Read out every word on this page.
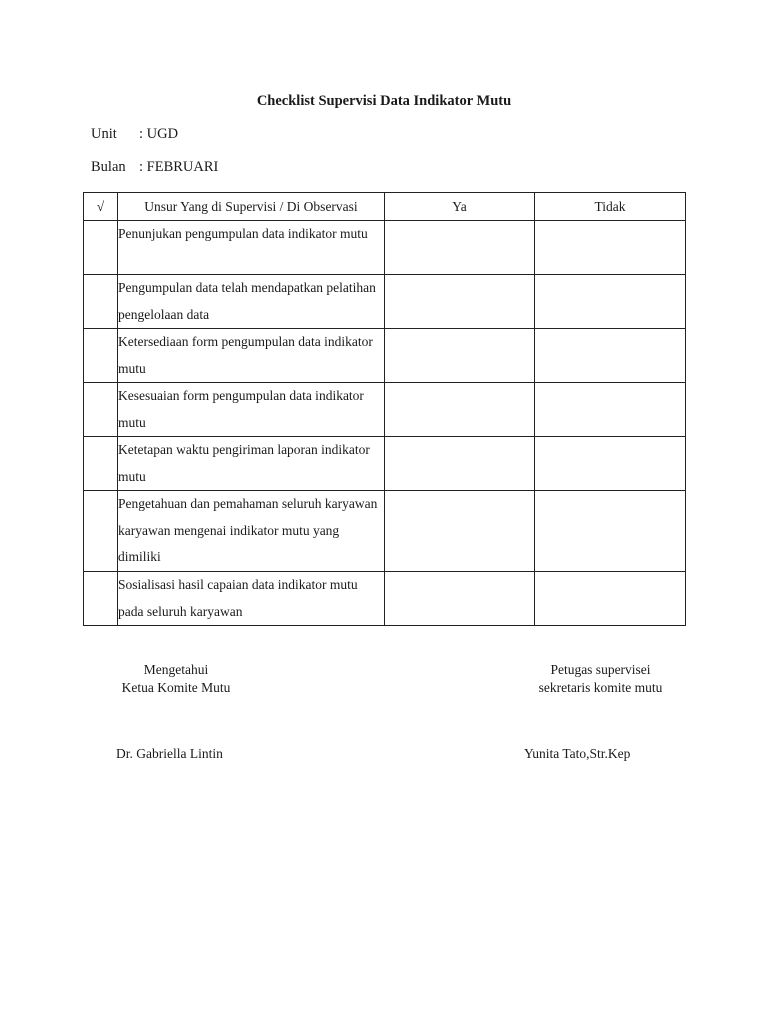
Checklist Supervisi Data Indikator Mutu
Unit : UGD
Bulan : FEBRUARI
√	Unsur Yang di Supervisi / Di Observasi	Ya	Tidak
	Penunjukan pengumpulan data indikator mutu		
	Pengumpulan data telah mendapatkan pelatihan pengelolaan data		
	Ketersediaan form pengumpulan data indikator mutu		
	Kesesuaian form pengumpulan data indikator mutu		
	Ketetapan waktu pengiriman laporan indikator mutu		
	Pengetahuan dan pemahaman seluruh karyawan karyawan mengenai indikator mutu yang dimiliki		
	Sosialisasi hasil capaian data indikator mutu pada seluruh karyawan		
Mengetahui
Ketua Komite Mutu
Petugas supervisei
sekretaris komite mutu
Dr. Gabriella Lintin	Yunita Tato,Str.Kep
